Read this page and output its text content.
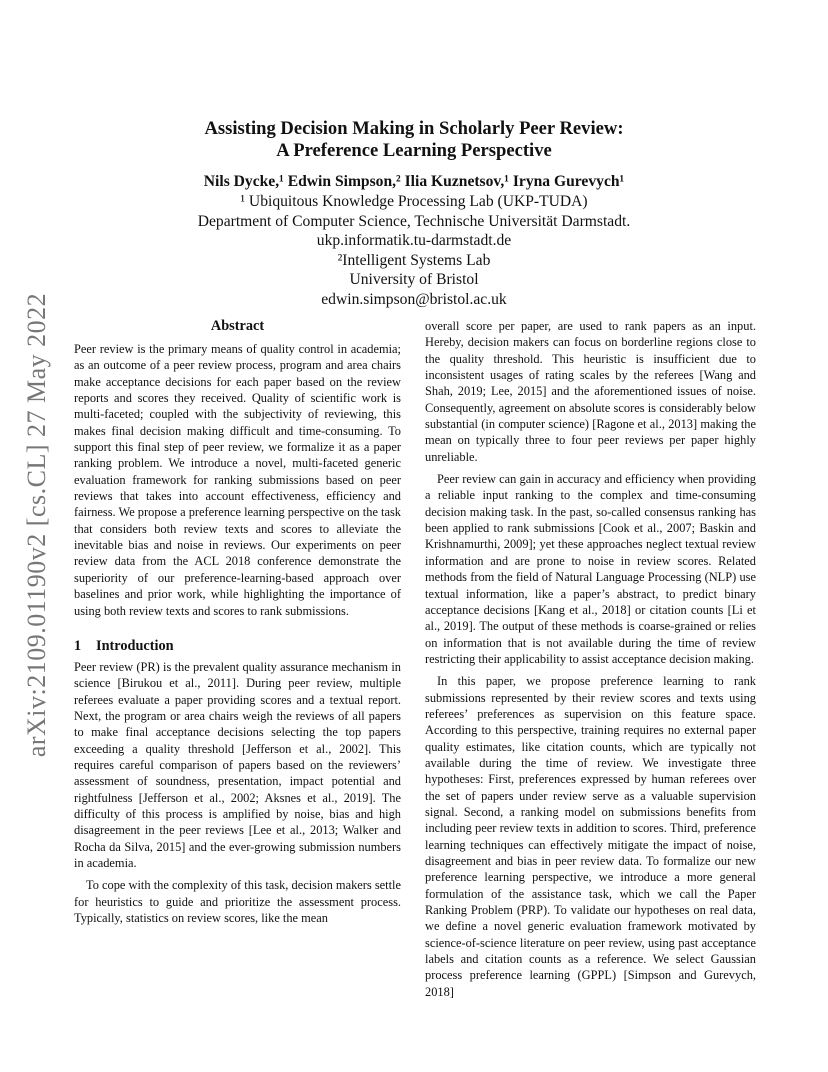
arXiv:2109.01190v2 [cs.CL] 27 May 2022
Assisting Decision Making in Scholarly Peer Review:
A Preference Learning Perspective
Nils Dycke,¹ Edwin Simpson,² Ilia Kuznetsov,¹ Iryna Gurevych¹
¹ Ubiquitous Knowledge Processing Lab (UKP-TUDA)
Department of Computer Science, Technische Universität Darmstadt.
ukp.informatik.tu-darmstadt.de
²Intelligent Systems Lab
University of Bristol
edwin.simpson@bristol.ac.uk
Abstract

Peer review is the primary means of quality control in academia; as an outcome of a peer review process, program and area chairs make acceptance decisions for each paper based on the review reports and scores they received. Quality of scientific work is multi-faceted; coupled with the subjectivity of reviewing, this makes final decision making difficult and time-consuming. To support this final step of peer review, we formalize it as a paper ranking problem. We introduce a novel, multi-faceted generic evaluation framework for ranking submissions based on peer reviews that takes into account effectiveness, efficiency and fairness. We propose a preference learning perspective on the task that considers both review texts and scores to alleviate the inevitable bias and noise in reviews. Our experiments on peer review data from the ACL 2018 conference demonstrate the superiority of our preference-learning-based approach over baselines and prior work, while highlighting the importance of using both review texts and scores to rank submissions.

1 Introduction

Peer review (PR) is the prevalent quality assurance mechanism in science [Birukou et al., 2011]. During peer review, multiple referees evaluate a paper providing scores and a textual report. Next, the program or area chairs weigh the reviews of all papers to make final acceptance decisions selecting the top papers exceeding a quality threshold [Jefferson et al., 2002]. This requires careful comparison of papers based on the reviewers’ assessment of soundness, presentation, impact potential and rightfulness [Jefferson et al., 2002; Aksnes et al., 2019]. The difficulty of this process is amplified by noise, bias and high disagreement in the peer reviews [Lee et al., 2013; Walker and Rocha da Silva, 2015] and the ever-growing submission numbers in academia.

To cope with the complexity of this task, decision makers settle for heuristics to guide and prioritize the assessment process. Typically, statistics on review scores, like the mean

overall score per paper, are used to rank papers as an input. Hereby, decision makers can focus on borderline regions close to the quality threshold. This heuristic is insufficient due to inconsistent usages of rating scales by the referees [Wang and Shah, 2019; Lee, 2015] and the aforementioned issues of noise. Consequently, agreement on absolute scores is considerably below substantial (in computer science) [Ragone et al., 2013] making the mean on typically three to four peer reviews per paper highly unreliable.

Peer review can gain in accuracy and efficiency when providing a reliable input ranking to the complex and time-consuming decision making task. In the past, so-called consensus ranking has been applied to rank submissions [Cook et al., 2007; Baskin and Krishnamurthi, 2009]; yet these approaches neglect textual review information and are prone to noise in review scores. Related methods from the field of Natural Language Processing (NLP) use textual information, like a paper’s abstract, to predict binary acceptance decisions [Kang et al., 2018] or citation counts [Li et al., 2019]. The output of these methods is coarse-grained or relies on information that is not available during the time of review restricting their applicability to assist acceptance decision making.

In this paper, we propose preference learning to rank submissions represented by their review scores and texts using referees’ preferences as supervision on this feature space. According to this perspective, training requires no external paper quality estimates, like citation counts, which are typically not available during the time of review. We investigate three hypotheses: First, preferences expressed by human referees over the set of papers under review serve as a valuable supervision signal. Second, a ranking model on submissions benefits from including peer review texts in addition to scores. Third, preference learning techniques can effectively mitigate the impact of noise, disagreement and bias in peer review data. To formalize our new preference learning perspective, we introduce a more general formulation of the assistance task, which we call the Paper Ranking Problem (PRP). To validate our hypotheses on real data, we define a novel generic evaluation framework motivated by science-of-science literature on peer review, using past acceptance labels and citation counts as a reference. We select Gaussian process preference learning (GPPL) [Simpson and Gurevych, 2018]
